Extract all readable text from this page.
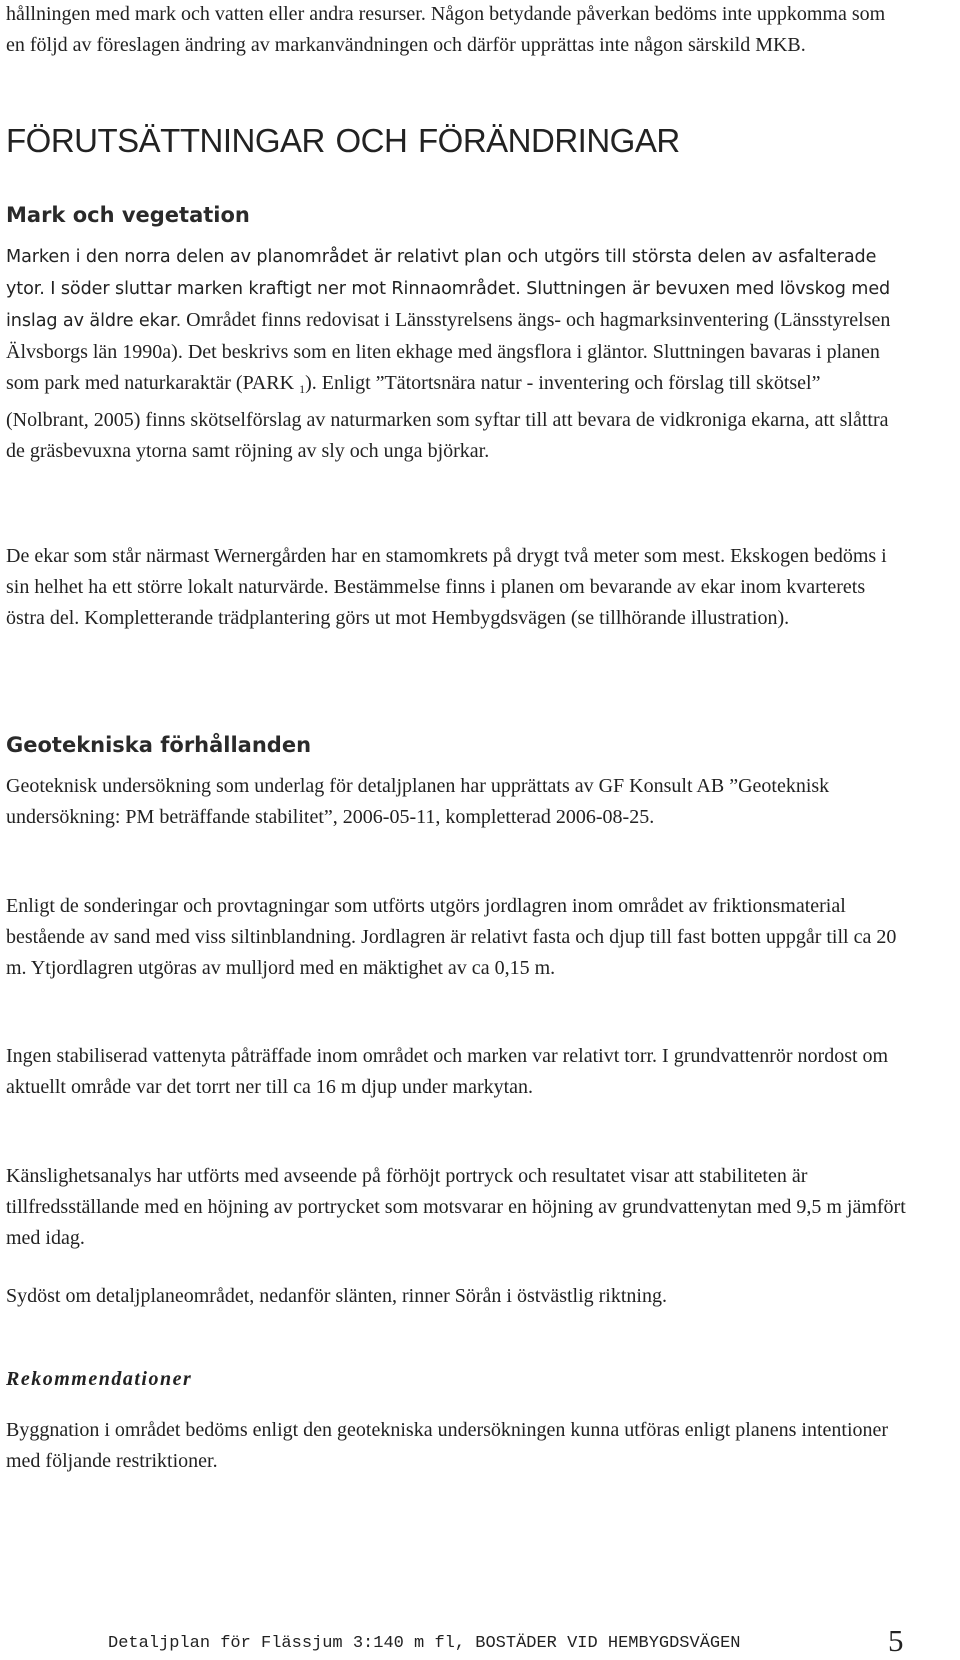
hållningen med mark och vatten eller andra resurser. Någon betydande påverkan bedöms inte uppkomma som en följd av föreslagen ändring av markanvändningen och därför upprättas inte någon särskild MKB.

FÖRUTSÄTTNINGAR OCH FÖRÄNDRINGAR
Mark och vegetation

Marken i den norra delen av planområdet är relativt plan och utgörs till största delen av asfalterade ytor. I söder sluttar marken kraftigt ner mot Rinnaområdet. Sluttningen är bevuxen med lövskog med inslag av äldre ekar. Området finns redovisat i Länsstyrelsens ängs- och hagmarksinventering (Länsstyrelsen Älvsborgs län 1990a). Det beskrivs som en liten ekhage med ängsflora i gläntor. Sluttningen bavaras i planen som park med naturkaraktär (PARK $_1$). Enligt ”Tätortsnära natur - inventering och förslag till skötsel” (Nolbrant, 2005) finns skötselförslag av naturmarken som syftar till att bevara de vidkroniga ekarna, att slåttra de gräsbevuxna ytorna samt röjning av sly och unga björkar.

De ekar som står närmast Wernergården har en stamomkrets på drygt två meter som mest. Ekskogen bedöms i sin helhet ha ett större lokalt naturvärde. Bestämmelse finns i planen om bevarande av ekar inom kvarterets östra del. Kompletterande trädplantering görs ut mot Hembygdsvägen (se tillhörande illustration).

Geotekniska förhållanden

Geoteknisk undersökning som underlag för detaljplanen har upprättats av GF Konsult AB ”Geoteknisk undersökning: PM beträffande stabilitet”, 2006-05-11, kompletterad 2006-08-25.

Enligt de sonderingar och provtagningar som utförts utgörs jordlagren inom området av friktionsmaterial bestående av sand med viss siltinblandning. Jordlagren är relativt fasta och djup till fast botten uppgår till ca 20 m. Ytjordlagren utgöras av mulljord med en mäktighet av ca 0,15 m.

Ingen stabiliserad vattenyta påträffade inom området och marken var relativt torr. I grundvattenrör nordost om aktuellt område var det torrt ner till ca 16 m djup under markytan.

Känslighetsanalys har utförts med avseende på förhöjt portryck och resultatet visar att stabiliteten är tillfredsställande med en höjning av portrycket som motsvarar en höjning av grundvattenytan med 9,5 m jämfört med idag.

Sydöst om detaljplaneområdet, nedanför slänten, rinner Sörån i östvästlig riktning.

Rekommendationer

Byggnation i området bedöms enligt den geotekniska undersökningen kunna utföras enligt planens intentioner med följande restriktioner.

Detaljplan för Flässjum 3:140 m fl, BOSTÄDER VID HEMBYGDSVÄGEN	5
